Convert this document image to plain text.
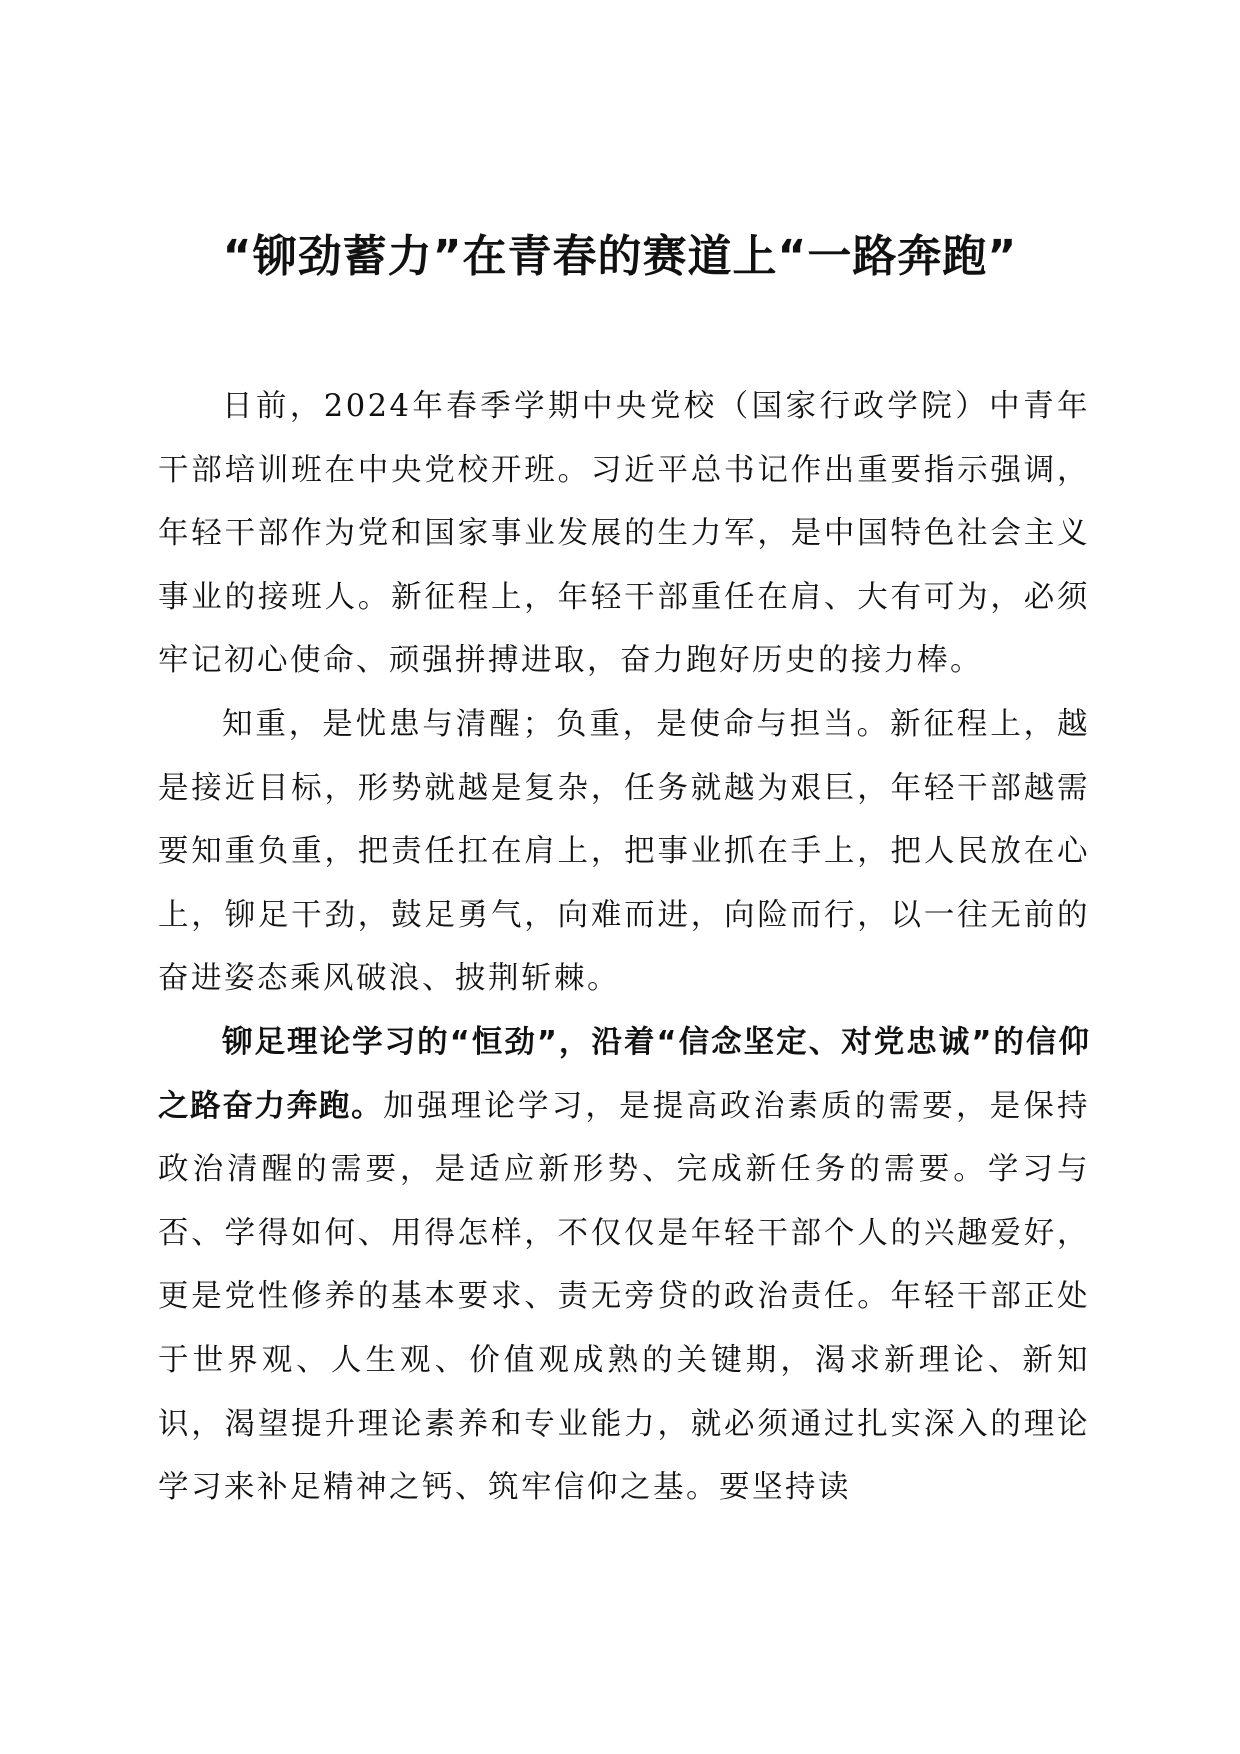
“铆劲蓄力”在青春的赛道上“一路奔跑”

日前，2024年春季学期中央党校（国家行政学院）中青年干部培训班在中央党校开班。习近平总书记作出重要指示强调，年轻干部作为党和国家事业发展的生力军，是中国特色社会主义事业的接班人。新征程上，年轻干部重任在肩、大有可为，必须牢记初心使命、顽强拼搏进取，奋力跑好历史的接力棒。

知重，是忧患与清醒；负重，是使命与担当。新征程上，越是接近目标，形势就越是复杂，任务就越为艰巨，年轻干部越需要知重负重，把责任扛在肩上，把事业抓在手上，把人民放在心上，铆足干劲，鼓足勇气，向难而进，向险而行，以一往无前的奋进姿态乘风破浪、披荆斩棘。

铆足理论学习的“恒劲”，沿着“信念坚定、对党忠诚”的信仰之路奋力奔跑。加强理论学习，是提高政治素质的需要，是保持政治清醒的需要，是适应新形势、完成新任务的需要。学习与否、学得如何、用得怎样，不仅仅是年轻干部个人的兴趣爱好，更是党性修养的基本要求、责无旁贷的政治责任。年轻干部正处于世界观、人生观、价值观成熟的关键期，渴求新理论、新知识，渴望提升理论素养和专业能力，就必须通过扎实深入的理论学习来补足精神之钙、筑牢信仰之基。要坚持读
